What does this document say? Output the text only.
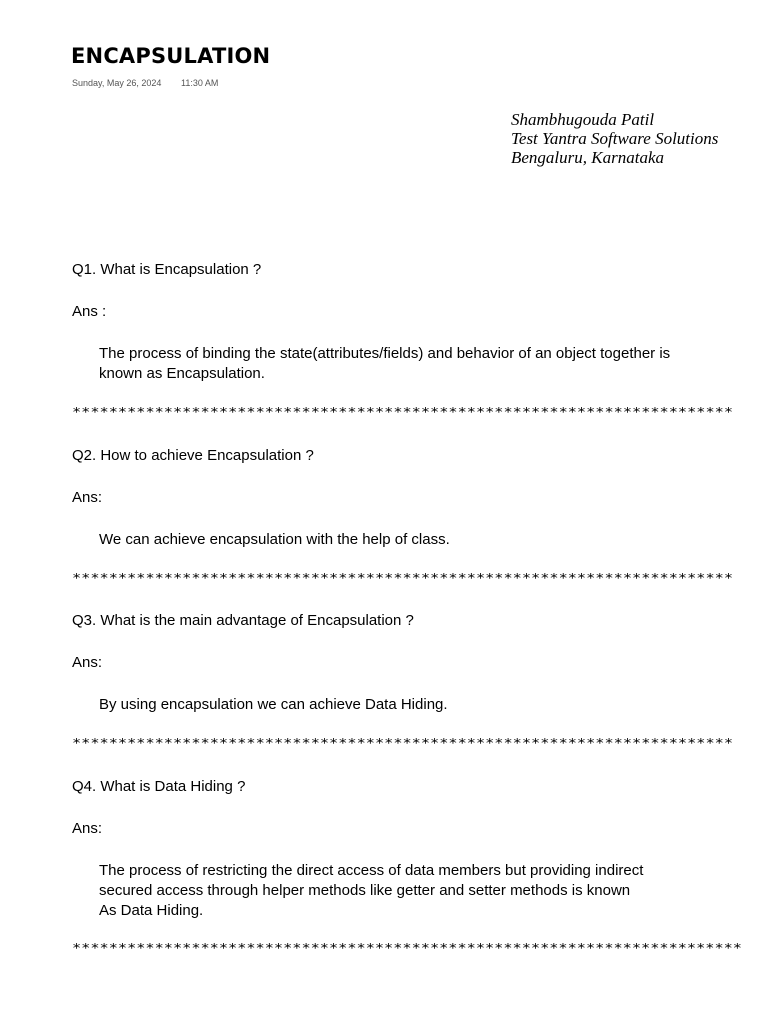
ENCAPSULATION
Sunday, May 26, 2024 11:30 AM
Shambhugouda Patil
Test Yantra Software Solutions
Bengaluru, Karnataka
Q1. What is Encapsulation ?
Ans :
The process of binding the state(attributes/fields) and behavior of an object together is
known as Encapsulation.
************************************************************************
Q2. How to achieve Encapsulation ?
Ans:
We can achieve encapsulation with the help of class.
************************************************************************
Q3. What is the main advantage of Encapsulation ?
Ans:
By using encapsulation we can achieve Data Hiding.
************************************************************************
Q4. What is Data Hiding ?
Ans:
The process of restricting the direct access of data members but providing indirect
secured access through helper methods like getter and setter methods is known
As Data Hiding.
*************************************************************************
